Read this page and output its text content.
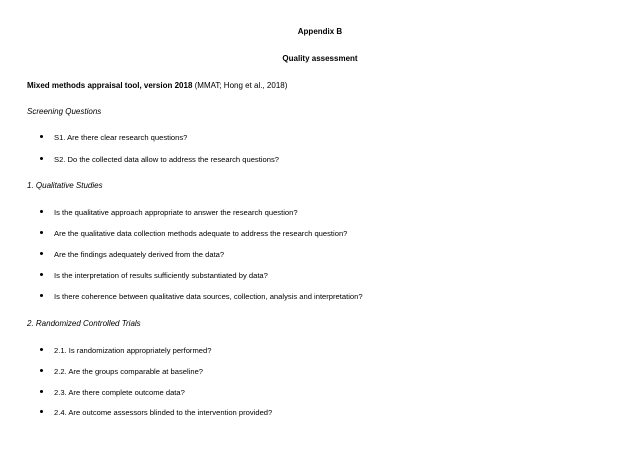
Appendix B
Quality assessment
Mixed methods appraisal tool, version 2018 (MMAT; Hong et al., 2018)
Screening Questions
S1. Are there clear research questions?
S2. Do the collected data allow to address the research questions?
1. Qualitative Studies
Is the qualitative approach appropriate to answer the research question?
Are the qualitative data collection methods adequate to address the research question?
Are the findings adequately derived from the data?
Is the interpretation of results sufficiently substantiated by data?
Is there coherence between qualitative data sources, collection, analysis and interpretation?
2. Randomized Controlled Trials
2.1. Is randomization appropriately performed?
2.2. Are the groups comparable at baseline?
2.3. Are there complete outcome data?
2.4. Are outcome assessors blinded to the intervention provided?
